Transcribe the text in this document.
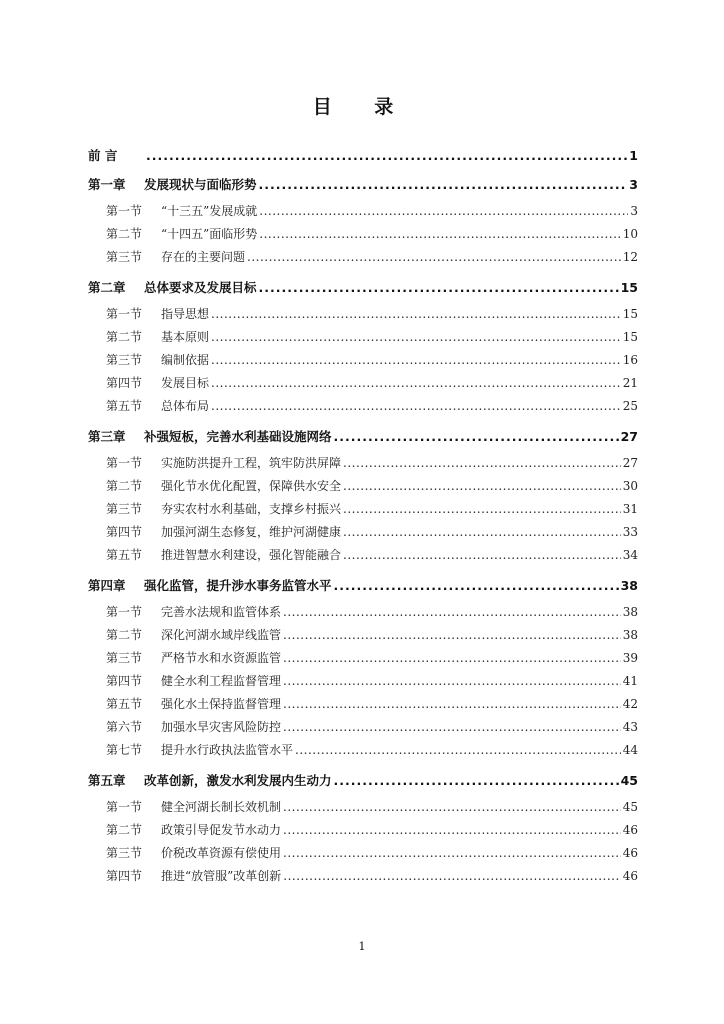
目 录
前 言 .....	1
第一章	发展现状与面临形势 .....	3
第一节	“十三五”发展成就 .....	3
第二节	“十四五”面临形势 .....	10
第三节	存在的主要问题 .....	12
第二章	总体要求及发展目标 .....	15
第一节	指导思想 .....	15
第二节	基本原则 .....	15
第三节	编制依据 .....	16
第四节	发展目标 .....	21
第五节	总体布局 .....	25
第三章	补强短板，完善水利基础设施网络 .....	27
第一节	实施防洪提升工程，筑牢防洪屏障 .....	27
第二节	强化节水优化配置，保障供水安全 .....	30
第三节	夯实农村水利基础，支撑乡村振兴 .....	31
第四节	加强河湖生态修复，维护河湖健康 .....	33
第五节	推进智慧水利建设，强化智能融合 .....	34
第四章	强化监管，提升涉水事务监管水平 .....	38
第一节	完善水法规和监管体系 .....	38
第二节	深化河湖水域岸线监管 .....	38
第三节	严格节水和水资源监管 .....	39
第四节	健全水利工程监督管理 .....	41
第五节	强化水土保持监督管理 .....	42
第六节	加强水旱灾害风险防控 .....	43
第七节	提升水行政执法监管水平 .....	44
第五章	改革创新，激发水利发展内生动力 .....	45
第一节	健全河湖长制长效机制 .....	45
第二节	政策引导促发节水动力 .....	46
第三节	价税改革资源有偿使用 .....	46
第四节	推进“放管服”改革创新 .....	46
1
